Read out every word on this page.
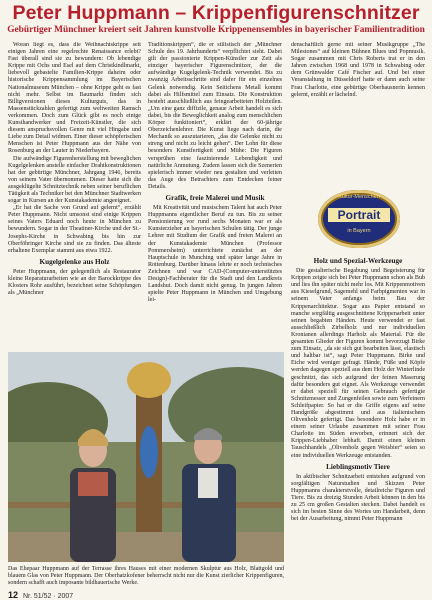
Peter Huppmann – Krippenfigurenschnitzer
Gebürtiger Münchner kreiert seit Jahren kunstvolle Krippenensembles in bayerischer Familientradition

Woran liegt es, dass die Weihnachtskrippe seit einigen Jahren eine regelrechte Renaissance erlebt? Fast überall sind sie zu bewundern: Ob lebendige Krippe mit Ochs und Esel auf dem Christkindlmarkt, liebevoll gebastelte Familien-Krippe daheim oder historische Krippensammlung im Bayerischen Nationalmuseum München – ohne Krippe geht es fast nicht mehr. Selbst im Baumarkt finden sich Billigversionen dieses Kulturguts, das in Massenstückzahlen gefertigt zum weltweiten Ramsch verkommen. Doch zum Glück gibt es noch einige Kunsthandwerker und Freizeit-Künstler, die sich diesem anspruchsvollen Genre mit viel Hingabe und Liebe zum Detail widmen. Einer dieser schöpferischen Menschen ist Peter Huppmann aus der Nähe von Rosenburg an der Lauter in Niederbayern.

Die aufwändige Figurenherstellung mit beweglichen Kugelgelenken anstelle einfacher Drahtkonstruktionen hat der gebürtige Münchner, Jahrgang 1946, bereits von seinem Vater übernommen. Dieser hatte sich die ausgeklügelte Schnitztechnik neben seiner beruflichen Tätigkeit als Techniker bei den Münchner Stadtwerken sogar in Kursen an der Kunstakademie angeeignet.

„Er hat die Sache von Grund auf gelernt“, erzählt Peter Huppmann. Nicht umsonst sind einige Krippen seines Vaters Eduard noch heute in München zu bewundern. Sogar in der Theatiner-Kirche und der St.-Josephs-Kirche in Schwabing bis hin zur Oberföhringer Kirche sind sie zu finden. Das älteste erhaltene Exemplar stammt aus etwa 1922.

Kugelgelenke aus Holz

Peter Huppmann, der gelegentlich als Restaurator kleine Reparaturarbeiten wie an der Barockkrippe des Klosters Rohr ausführt, bezeichnet seine Schöpfungen als „Münchner

Traditionskrippen“, die er stilistisch der „Münchner Schule des 19. Jahrhunderts“ verpflichtet sieht. Dabei gilt der passionierte Krippen-Künstler zur Zeit als einziger bayerischer Figurenschnitzer, der die aufwändige Kugelgelenk-Technik verwendet. Bis zu zwanzig Arbeitsschritte sind dafer für ein einzelnes Gelenk notwendig. Kein Seitichens Metall kommt dabei als Hilfsmittel zum Einsatz. Die Konstruktion besteht ausschließlich aus feingearbeiteten Holzteilen. „Um eine ganz diffizile, genaue Arbeit handelt es sich dabei, bis die Beweglichkeit analog zum menschlichen Körper funktioniert“, erklärt der 60-jährige Oberzeichenlehrer. Die Kunst liege nach darin, die Mechanik so auszutarieren, „das die Gelenke nicht zu streng und nicht zu leicht gehen“. Der Lohn für diese besonders Kunstfertigkeit und Mühe: Die Figuren versprühen eine faszinierende Lebendigkeit und natürliche Anmutung. Zudem lassen sich die Szenerien spielerisch immer wieder neu gestalten und verleiten das Auge des Betrachters zum Entdecken feiner Details.

Grafik, freie Malerei und Musik

Mit Kreativität und musischem Talent hat auch Peter Huppmanns eigentlicher Beruf zu tun. Bis zu seiner Pensionierung vor rund sechs Monaten war er als Kunsterzieher an bayerischen Schulen tätig. Der junge Lehrer mit Studium der Grafik und freien Malerei an der Kunstakademie München (Professor Pommersheim) unterrichtete zunächst an der Hauptschule in Munching und später lange Jahre in Rottenburg. Darüber hinaus lehrte er noch technisches Zeichnen und war CAD-(Computer-unterstütztes Design)-Fachberater für die Stadt und den Landkreis Landshut. Doch damit nicht genug. In jungen Jahren spielte Peter Huppmann in München und Umgebung lei-

denschaftlich gerne mit seiner Musikgruppe „The Milestones“ auf kleinen Bühnen Blues und Popmusik. Sogar zusammen mit Chris Roberts trat er in den Jahren zwischen 1968 und 1978 in Schwabing oder dem Grünwalder Café Fischer auf. Und bei einer Veranstaltung in Düsseldorf hatte er dann auch seine Frau Charlotte, eine gebürtige Oberhausnerin kennen gelernt, erzählt er lächelnd.

Kultur-Menschen
Portrait
in Bayern
Holz und Spezial-Werkzeuge

Die gestalterische Begabung und Begeisterung für Krippen zeigte sich bei Peter Huppmann schon als Bub und lies ihn später nicht mehr los. Mit Krippenmotiven aus Kieselgrund, Sagemehl und Farbpigmenten war in seinem Vater anfangs beim Bau der Krippenarchitektur. Sogar aus Papier entstand so manche sorgfältig ausgeschnittene Krippenarbeit unter seinen begabten Händen. Heute verwendet er fast ausschließlich Zirbelholz und nur individuellen Kronianen allerdings Harholz als Material. Für die gesamten Glieder der Figuren kommt bevorzugt Birke zum Einsatz, „da sie sich gut bearbeiten lässt, elastisch und haltbar ist“, sagt Peter Huppmann. Birke und Eiche wird weniger gefragt. Hände, Füße und Köpfe werden dagegen speziell aus dem Holz der Winterlinde geschnitzt, das sich aufgrund der feinen Maserung dafür besonders gut eignet. Als Werkzeuge verwendet er dabei speziell für seinen Gebrauch gefertigte Schnitzmesser und Zungenfeilen sowie zum Verfeinern Schleifpapier. So hat er die Griffe eigens auf seine Handgröße abgestimmt und aus italienischem Olivenholz gefertigt. Das besondere Holz habe er in einem seiner Urlaube zusammen mit seiner Frau Charlotte im Süden erworben, erinnert sich der Krippen-Liebhaber lebhaft. Damit einen kleinen Tauschhandels „Olivenholz gegen Weisbier“ seien so eine individuellen Werkzeuge entstanden.

Lieblingsmotiv Tiere

In aktibischer Schnitzarbeit entstehen aufgrund von sorgfältigen Naturstudien und Skizzen Peter Huppmanns charakterstvolle, detailreiche Figuren und Tiere. Bis zu dreizig Stunden Arbeit können in den bis zu 25 cm großen Gestalten stecken. Dabei handelt es sich im besten Sinne des Wortes um Handarbeit, denn bei der Ausarbeitung, nimmt Peter Huppmann

Das Ehepaar Huppmann auf der Terrasse ihres Hauses mit einer modernen Skulptur aus Holz, Blattgold und blauem Glas von Peter Huppmann. Der Oberhatzkofener beherrscht nicht nur die Kunst zierlicher Krippenfiguren, sondern schafft auch imposante bildhauerische Werke.
12 Nr. 51/52 · 2007
